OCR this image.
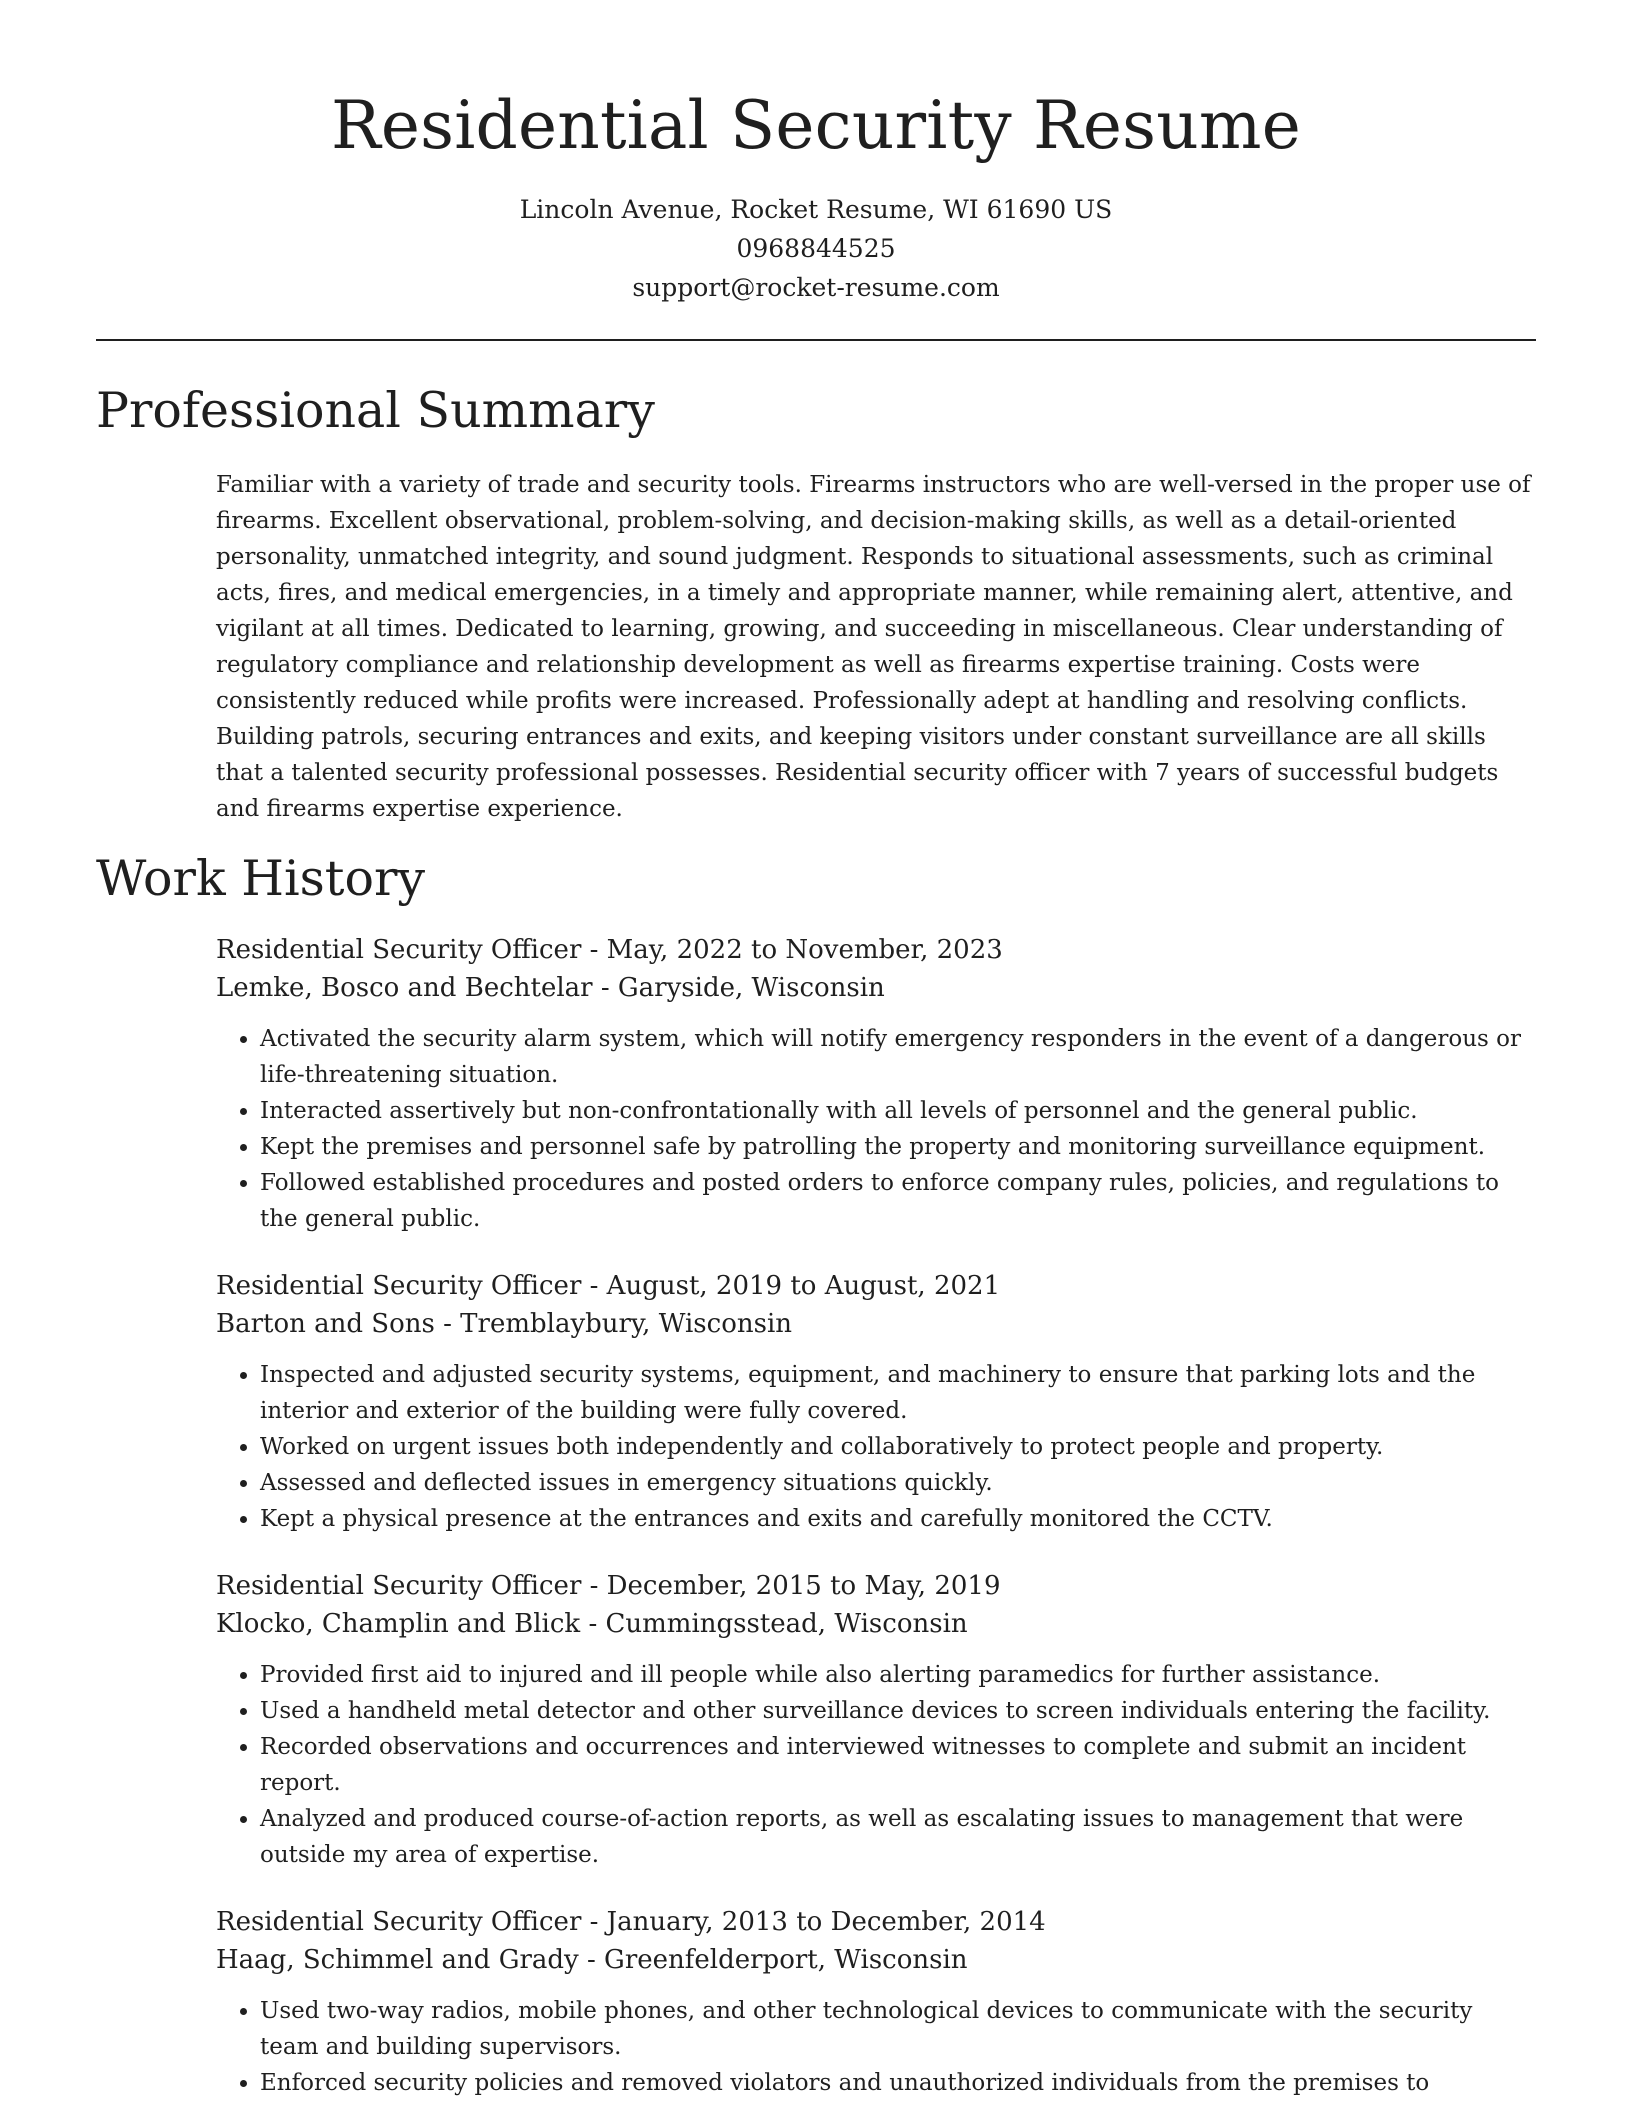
Residential Security Resume
Lincoln Avenue, Rocket Resume, WI 61690 US
0968844525
support@rocket-resume.com
Professional Summary

Familiar with a variety of trade and security tools. Firearms instructors who are well-versed in the proper use of firearms. Excellent observational, problem-solving, and decision-making skills, as well as a detail-oriented personality, unmatched integrity, and sound judgment. Responds to situational assessments, such as criminal acts, fires, and medical emergencies, in a timely and appropriate manner, while remaining alert, attentive, and vigilant at all times. Dedicated to learning, growing, and succeeding in miscellaneous. Clear understanding of regulatory compliance and relationship development as well as firearms expertise training. Costs were consistently reduced while profits were increased. Professionally adept at handling and resolving conflicts. Building patrols, securing entrances and exits, and keeping visitors under constant surveillance are all skills that a talented security professional possesses. Residential security officer with 7 years of successful budgets and firearms expertise experience.

Work History

Residential Security Officer - May, 2022 to November, 2023

Lemke, Bosco and Bechtelar - Garyside, Wisconsin

• Activated the security alarm system, which will notify emergency responders in the event of a dangerous or life-threatening situation.
• Interacted assertively but non-confrontationally with all levels of personnel and the general public.
• Kept the premises and personnel safe by patrolling the property and monitoring surveillance equipment.
• Followed established procedures and posted orders to enforce company rules, policies, and regulations to the general public.

Residential Security Officer - August, 2019 to August, 2021

Barton and Sons - Tremblaybury, Wisconsin

• Inspected and adjusted security systems, equipment, and machinery to ensure that parking lots and the interior and exterior of the building were fully covered.
• Worked on urgent issues both independently and collaboratively to protect people and property.
• Assessed and deflected issues in emergency situations quickly.
• Kept a physical presence at the entrances and exits and carefully monitored the CCTV.

Residential Security Officer - December, 2015 to May, 2019

Klocko, Champlin and Blick - Cummingsstead, Wisconsin

• Provided first aid to injured and ill people while also alerting paramedics for further assistance.
• Used a handheld metal detector and other surveillance devices to screen individuals entering the facility.
• Recorded observations and occurrences and interviewed witnesses to complete and submit an incident report.
• Analyzed and produced course-of-action reports, as well as escalating issues to management that were outside my area of expertise.

Residential Security Officer - January, 2013 to December, 2014

Haag, Schimmel and Grady - Greenfelderport, Wisconsin

• Used two-way radios, mobile phones, and other technological devices to communicate with the security team and building supervisors.
• Enforced security policies and removed violators and unauthorized individuals from the premises to
